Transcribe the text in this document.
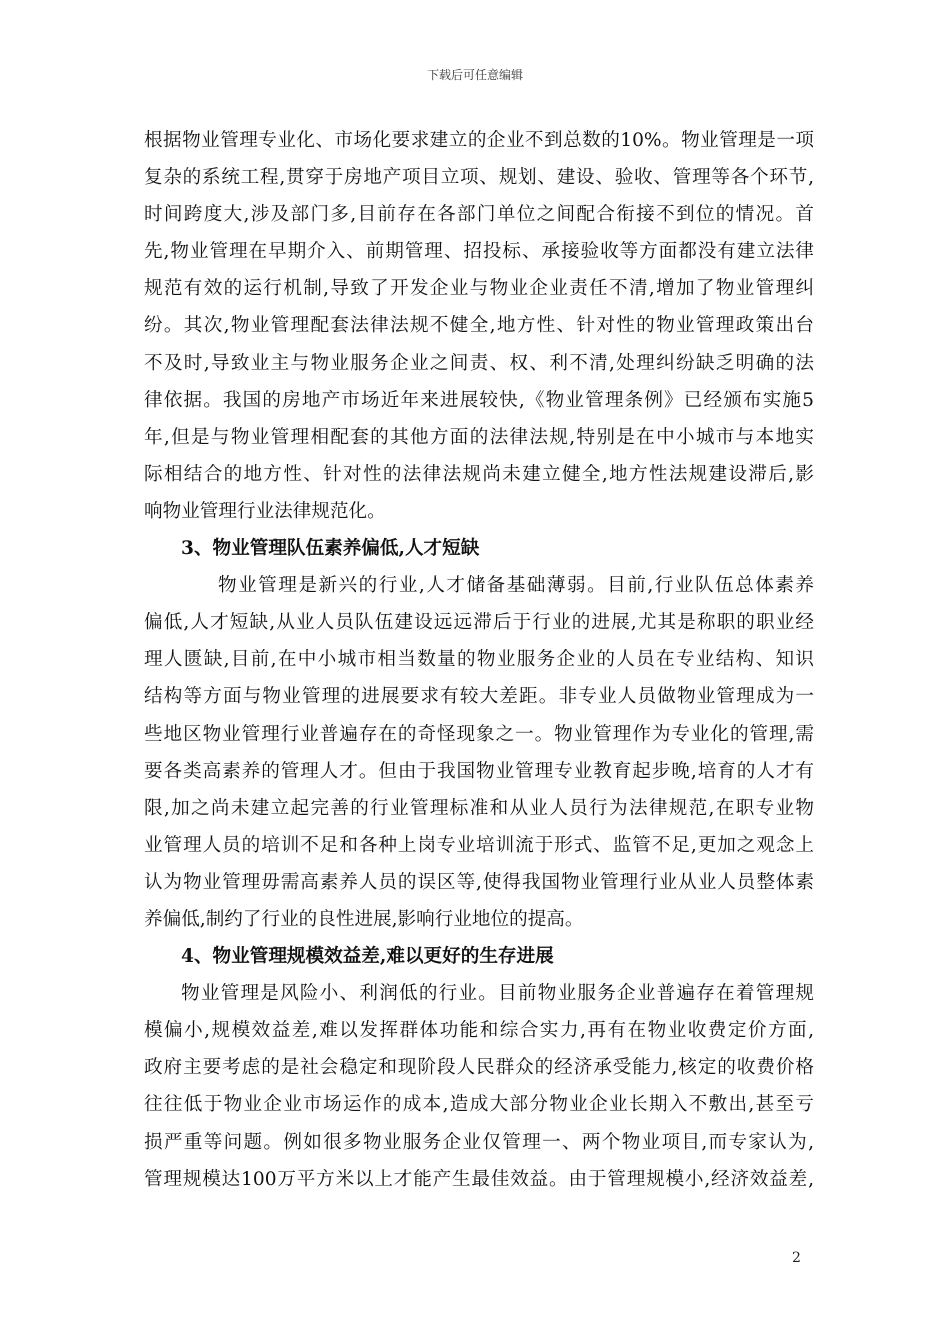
下载后可任意编辑
根据物业管理专业化、市场化要求建立的企业不到总数的10%。物业管理是一项
复杂的系统工程,贯穿于房地产项目立项、规划、建设、验收、管理等各个环节,
时间跨度大,涉及部门多,目前存在各部门单位之间配合衔接不到位的情况。首
先,物业管理在早期介入、前期管理、招投标、承接验收等方面都没有建立法律
规范有效的运行机制,导致了开发企业与物业企业责任不清,增加了物业管理纠
纷。其次,物业管理配套法律法规不健全,地方性、针对性的物业管理政策出台
不及时,导致业主与物业服务企业之间责、权、利不清,处理纠纷缺乏明确的法
律依据。我国的房地产市场近年来进展较快,《物业管理条例》已经颁布实施5
年,但是与物业管理相配套的其他方面的法律法规,特别是在中小城市与本地实
际相结合的地方性、针对性的法律法规尚未建立健全,地方性法规建设滞后,影
响物业管理行业法律规范化。
3、物业管理队伍素养偏低,人才短缺
物业管理是新兴的行业,人才储备基础薄弱。目前,行业队伍总体素养
偏低,人才短缺,从业人员队伍建设远远滞后于行业的进展,尤其是称职的职业经
理人匮缺,目前,在中小城市相当数量的物业服务企业的人员在专业结构、知识
结构等方面与物业管理的进展要求有较大差距。非专业人员做物业管理成为一
些地区物业管理行业普遍存在的奇怪现象之一。物业管理作为专业化的管理,需
要各类高素养的管理人才。但由于我国物业管理专业教育起步晚,培育的人才有
限,加之尚未建立起完善的行业管理标准和从业人员行为法律规范,在职专业物
业管理人员的培训不足和各种上岗专业培训流于形式、监管不足,更加之观念上
认为物业管理毋需高素养人员的误区等,使得我国物业管理行业从业人员整体素
养偏低,制约了行业的良性进展,影响行业地位的提高。
4、物业管理规模效益差,难以更好的生存进展
物业管理是风险小、利润低的行业。目前物业服务企业普遍存在着管理规
模偏小,规模效益差,难以发挥群体功能和综合实力,再有在物业收费定价方面,
政府主要考虑的是社会稳定和现阶段人民群众的经济承受能力,核定的收费价格
往往低于物业企业市场运作的成本,造成大部分物业企业长期入不敷出,甚至亏
损严重等问题。例如很多物业服务企业仅管理一、两个物业项目,而专家认为,
管理规模达100万平方米以上才能产生最佳效益。由于管理规模小,经济效益差,
2
